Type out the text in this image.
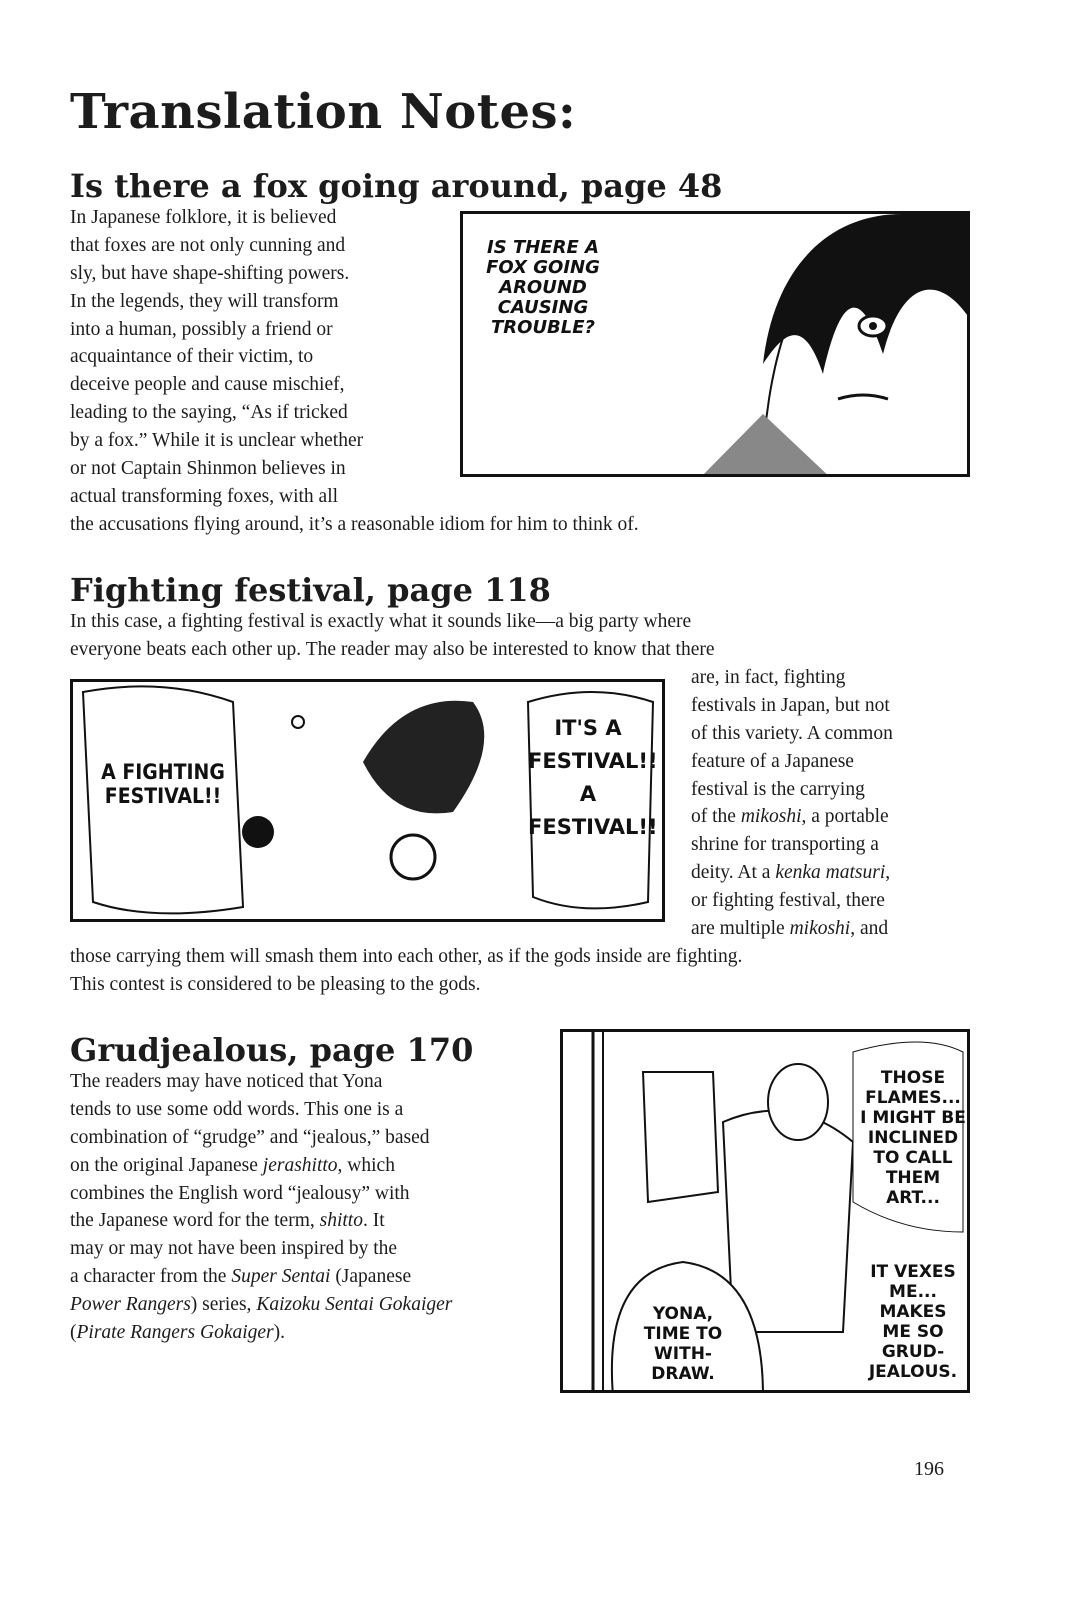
Translation Notes:
Is there a fox going around, page 48
In Japanese folklore, it is believed
that foxes are not only cunning and
sly, but have shape-shifting powers.
In the legends, they will transform
into a human, possibly a friend or
acquaintance of their victim, to
deceive people and cause mischief,
leading to the saying, “As if tricked
by a fox.” While it is unclear whether
or not Captain Shinmon believes in
actual transforming foxes, with all
the accusations flying around, it’s a reasonable idiom for him to think of.
IS THERE A
FOX GOING
AROUND
CAUSING
TROUBLE?
Fighting festival, page 118
In this case, a fighting festival is exactly what it sounds like—a big party where
everyone beats each other up. The reader may also be interested to know that there
are, in fact, fighting
festivals in Japan, but not
of this variety. A common
feature of a Japanese
festival is the carrying
of the mikoshi, a portable
shrine for transporting a
deity. At a kenka matsuri,
or fighting festival, there
are multiple mikoshi, and
those carrying them will smash them into each other, as if the gods inside are fighting.
This contest is considered to be pleasing to the gods.
A FIGHTING
FESTIVAL!!
IT'S A
FESTIVAL!!
A
FESTIVAL!!
Grudjealous, page 170
The readers may have noticed that Yona
tends to use some odd words. This one is a
combination of “grudge” and “jealous,” based
on the original Japanese jerashitto, which
combines the English word “jealousy” with
the Japanese word for the term, shitto. It
may or may not have been inspired by the
a character from the Super Sentai (Japanese
Power Rangers) series, Kaizoku Sentai Gokaiger
(Pirate Rangers Gokaiger).
THOSE
FLAMES...
I MIGHT BE
INCLINED
TO CALL
THEM
ART...
IT VEXES
ME...
MAKES
ME SO
GRUD-
JEALOUS.
YONA,
TIME TO
WITH-
DRAW.
196
